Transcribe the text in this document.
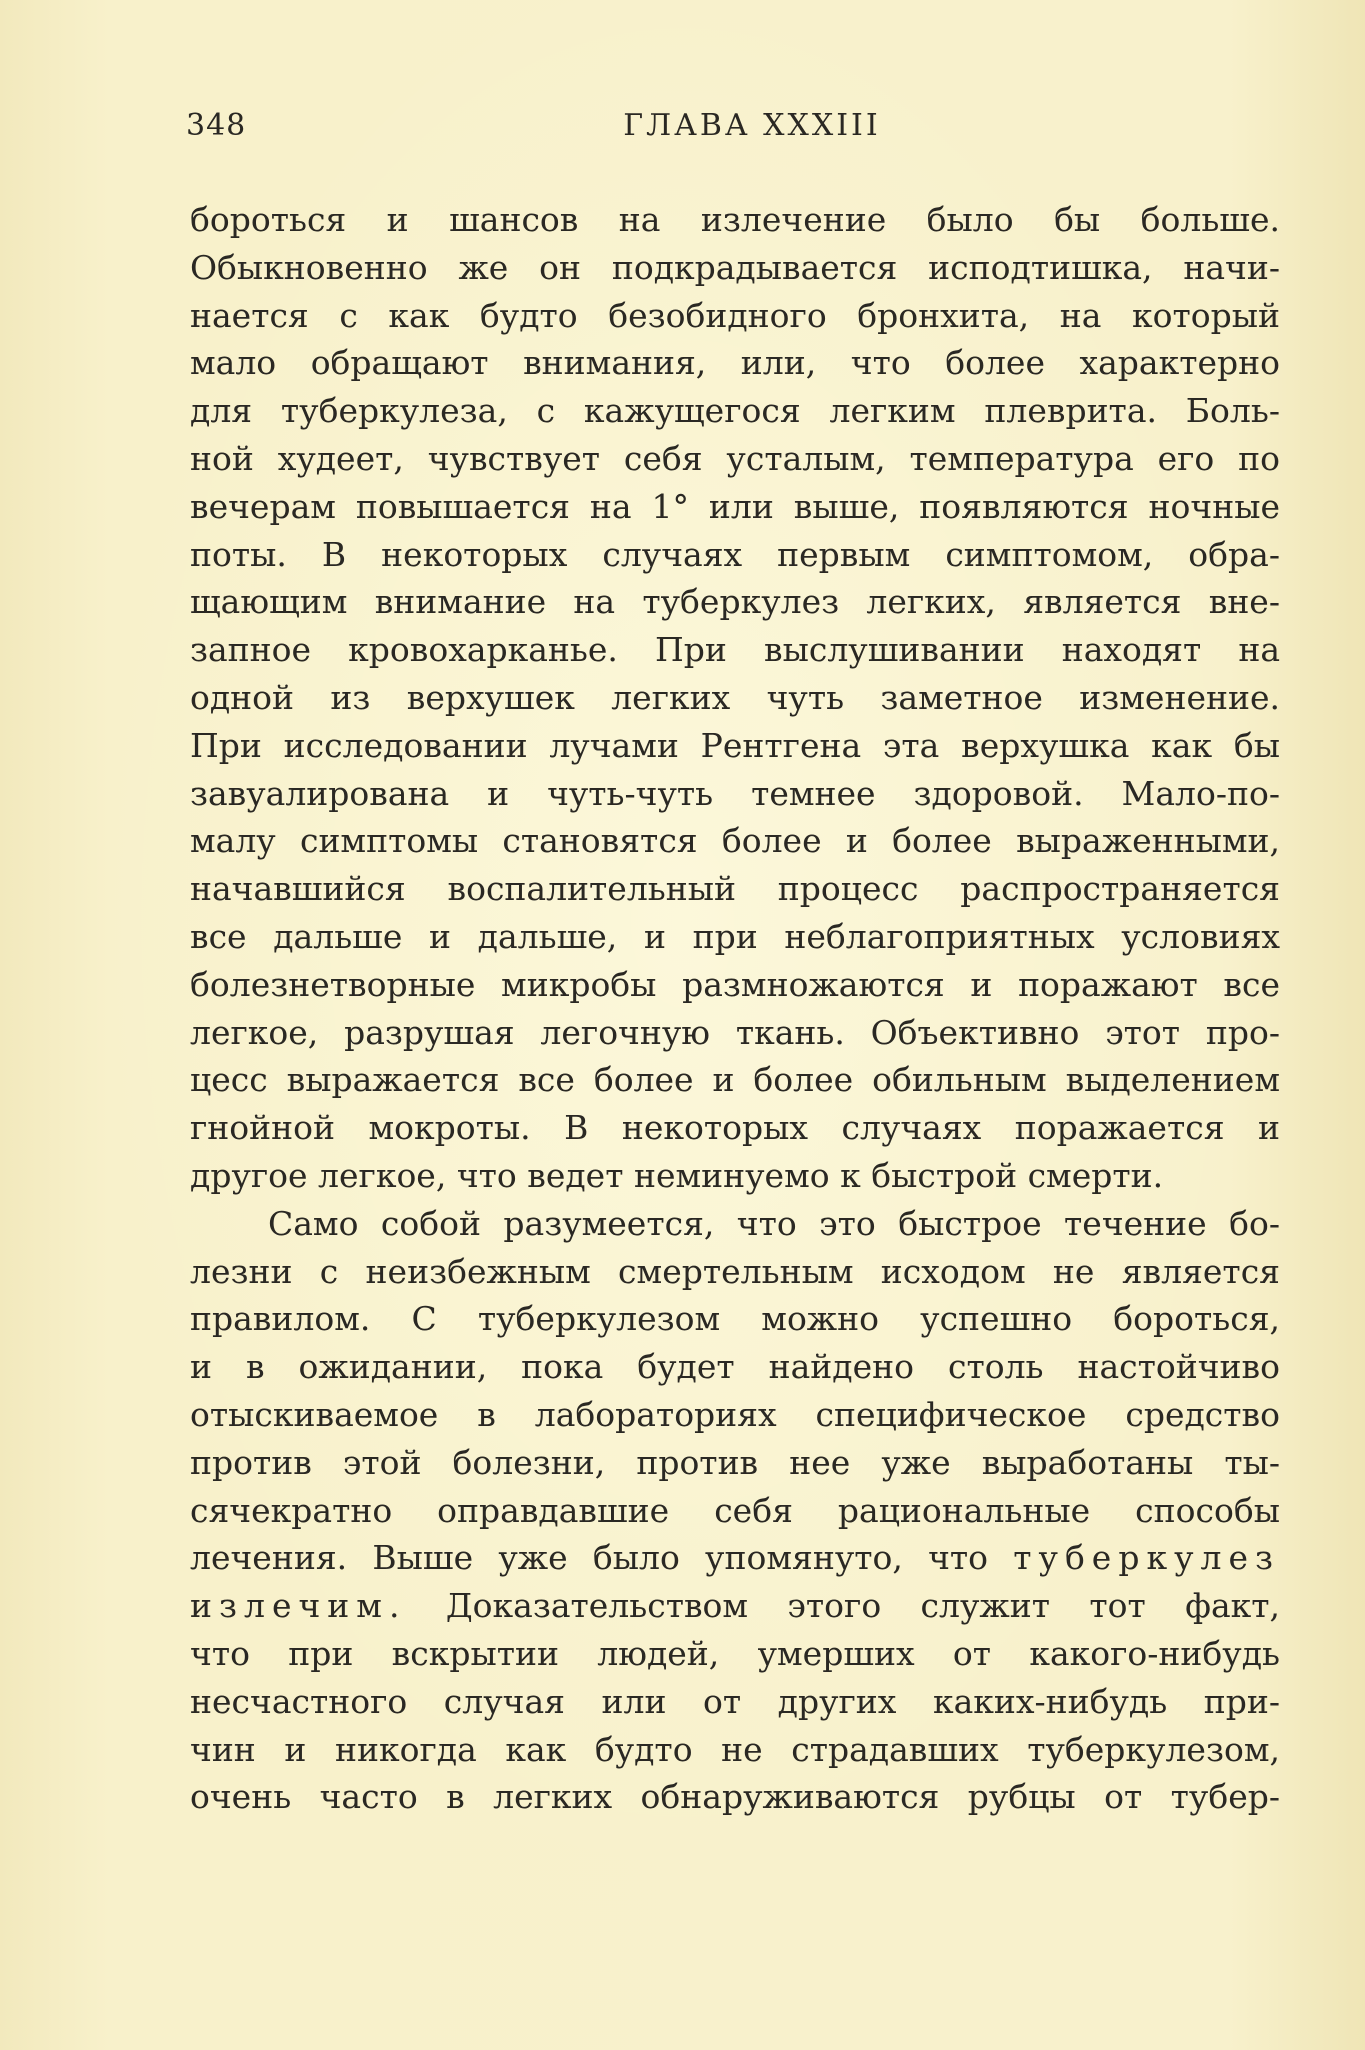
348	ГЛАВА XXXIII
бороться и шансов на излечение было бы больше.
Обыкновенно же он подкрадывается исподтишка, начи-
нается с как будто безобидного бронхита, на который
мало обращают внимания, или, что более характерно
для туберкулеза, с кажущегося легким плеврита. Боль-
ной худеет, чувствует себя усталым, температура его по
вечерам повышается на 1° или выше, появляются ночные
поты. В некоторых случаях первым симптомом, обра-
щающим внимание на туберкулез легких, является вне-
запное кровохарканье. При выслушивании находят на
одной из верхушек легких чуть заметное изменение.
При исследовании лучами Рентгена эта верхушка как бы
завуалирована и чуть-чуть темнее здоровой. Мало-по-
малу симптомы становятся более и более выраженными,
начавшийся воспалительный процесс распространяется
все дальше и дальше, и при неблагоприятных условиях
болезнетворные микробы размножаются и поражают все
легкое, разрушая легочную ткань. Объективно этот про-
цесс выражается все более и более обильным выделением
гнойной мокроты. В некоторых случаях поражается и
другое легкое, что ведет неминуемо к быстрой смерти.
Само собой разумеется, что это быстрое течение бо-
лезни с неизбежным смертельным исходом не является
правилом. С туберкулезом можно успешно бороться,
и в ожидании, пока будет найдено столь настойчиво
отыскиваемое в лабораториях специфическое средство
против этой болезни, против нее уже выработаны ты-
сячекратно оправдавшие себя рациональные способы
лечения. Выше уже было упомянуто, что туберкулез
излечим. Доказательством этого служит тот факт,
что при вскрытии людей, умерших от какого-нибудь
несчастного случая или от других каких-нибудь при-
чин и никогда как будто не страдавших туберкулезом,
очень часто в легких обнаруживаются рубцы от тубер-
